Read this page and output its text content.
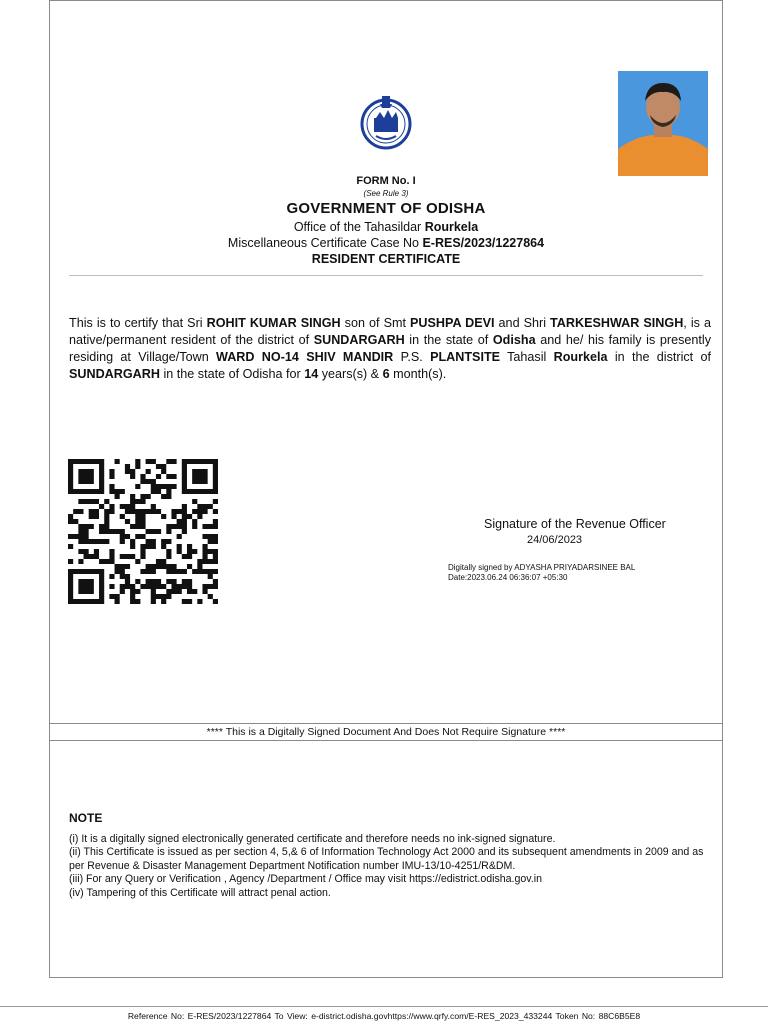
FORM No. I
(See Rule 3)
GOVERNMENT OF ODISHA
Office of the Tahasildar Rourkela
Miscellaneous Certificate Case No E-RES/2023/1227864
RESIDENT CERTIFICATE
This is to certify that Sri ROHIT KUMAR SINGH son of Smt PUSHPA DEVI and Shri TARKESHWAR SINGH, is a native/permanent resident of the district of SUNDARGARH in the state of Odisha and he/ his family is presently residing at Village/Town WARD NO-14 SHIV MANDIR P.S. PLANTSITE Tahasil Rourkela in the district of SUNDARGARH in the state of Odisha for 14 years(s) & 6 month(s).
Signature of the Revenue Officer
24/06/2023
Digitally signed by ADYASHA PRIYADARSINEE BAL
Date:2023.06.24 06:36:07 +05:30
**** This is a Digitally Signed Document And Does Not Require Signature ****
NOTE
(i) It is a digitally signed electronically generated certificate and therefore needs no ink-signed signature.
(ii) This Certificate is issued as per section 4, 5,& 6 of Information Technology Act 2000 and its subsequent amendments in 2009 and as per Revenue & Disaster Management Department Notification number IMU-13/10-4251/R&DM.
(iii) For any Query or Verification , Agency /Department / Office may visit https://edistrict.odisha.gov.in
(iv) Tampering of this Certificate will attract penal action.
Reference No: E-RES/2023/1227864 To View: e-district.odisha.govhttps://www.qrfy.com/E-RES_2023_433244 Token No: 88C6B5E8
